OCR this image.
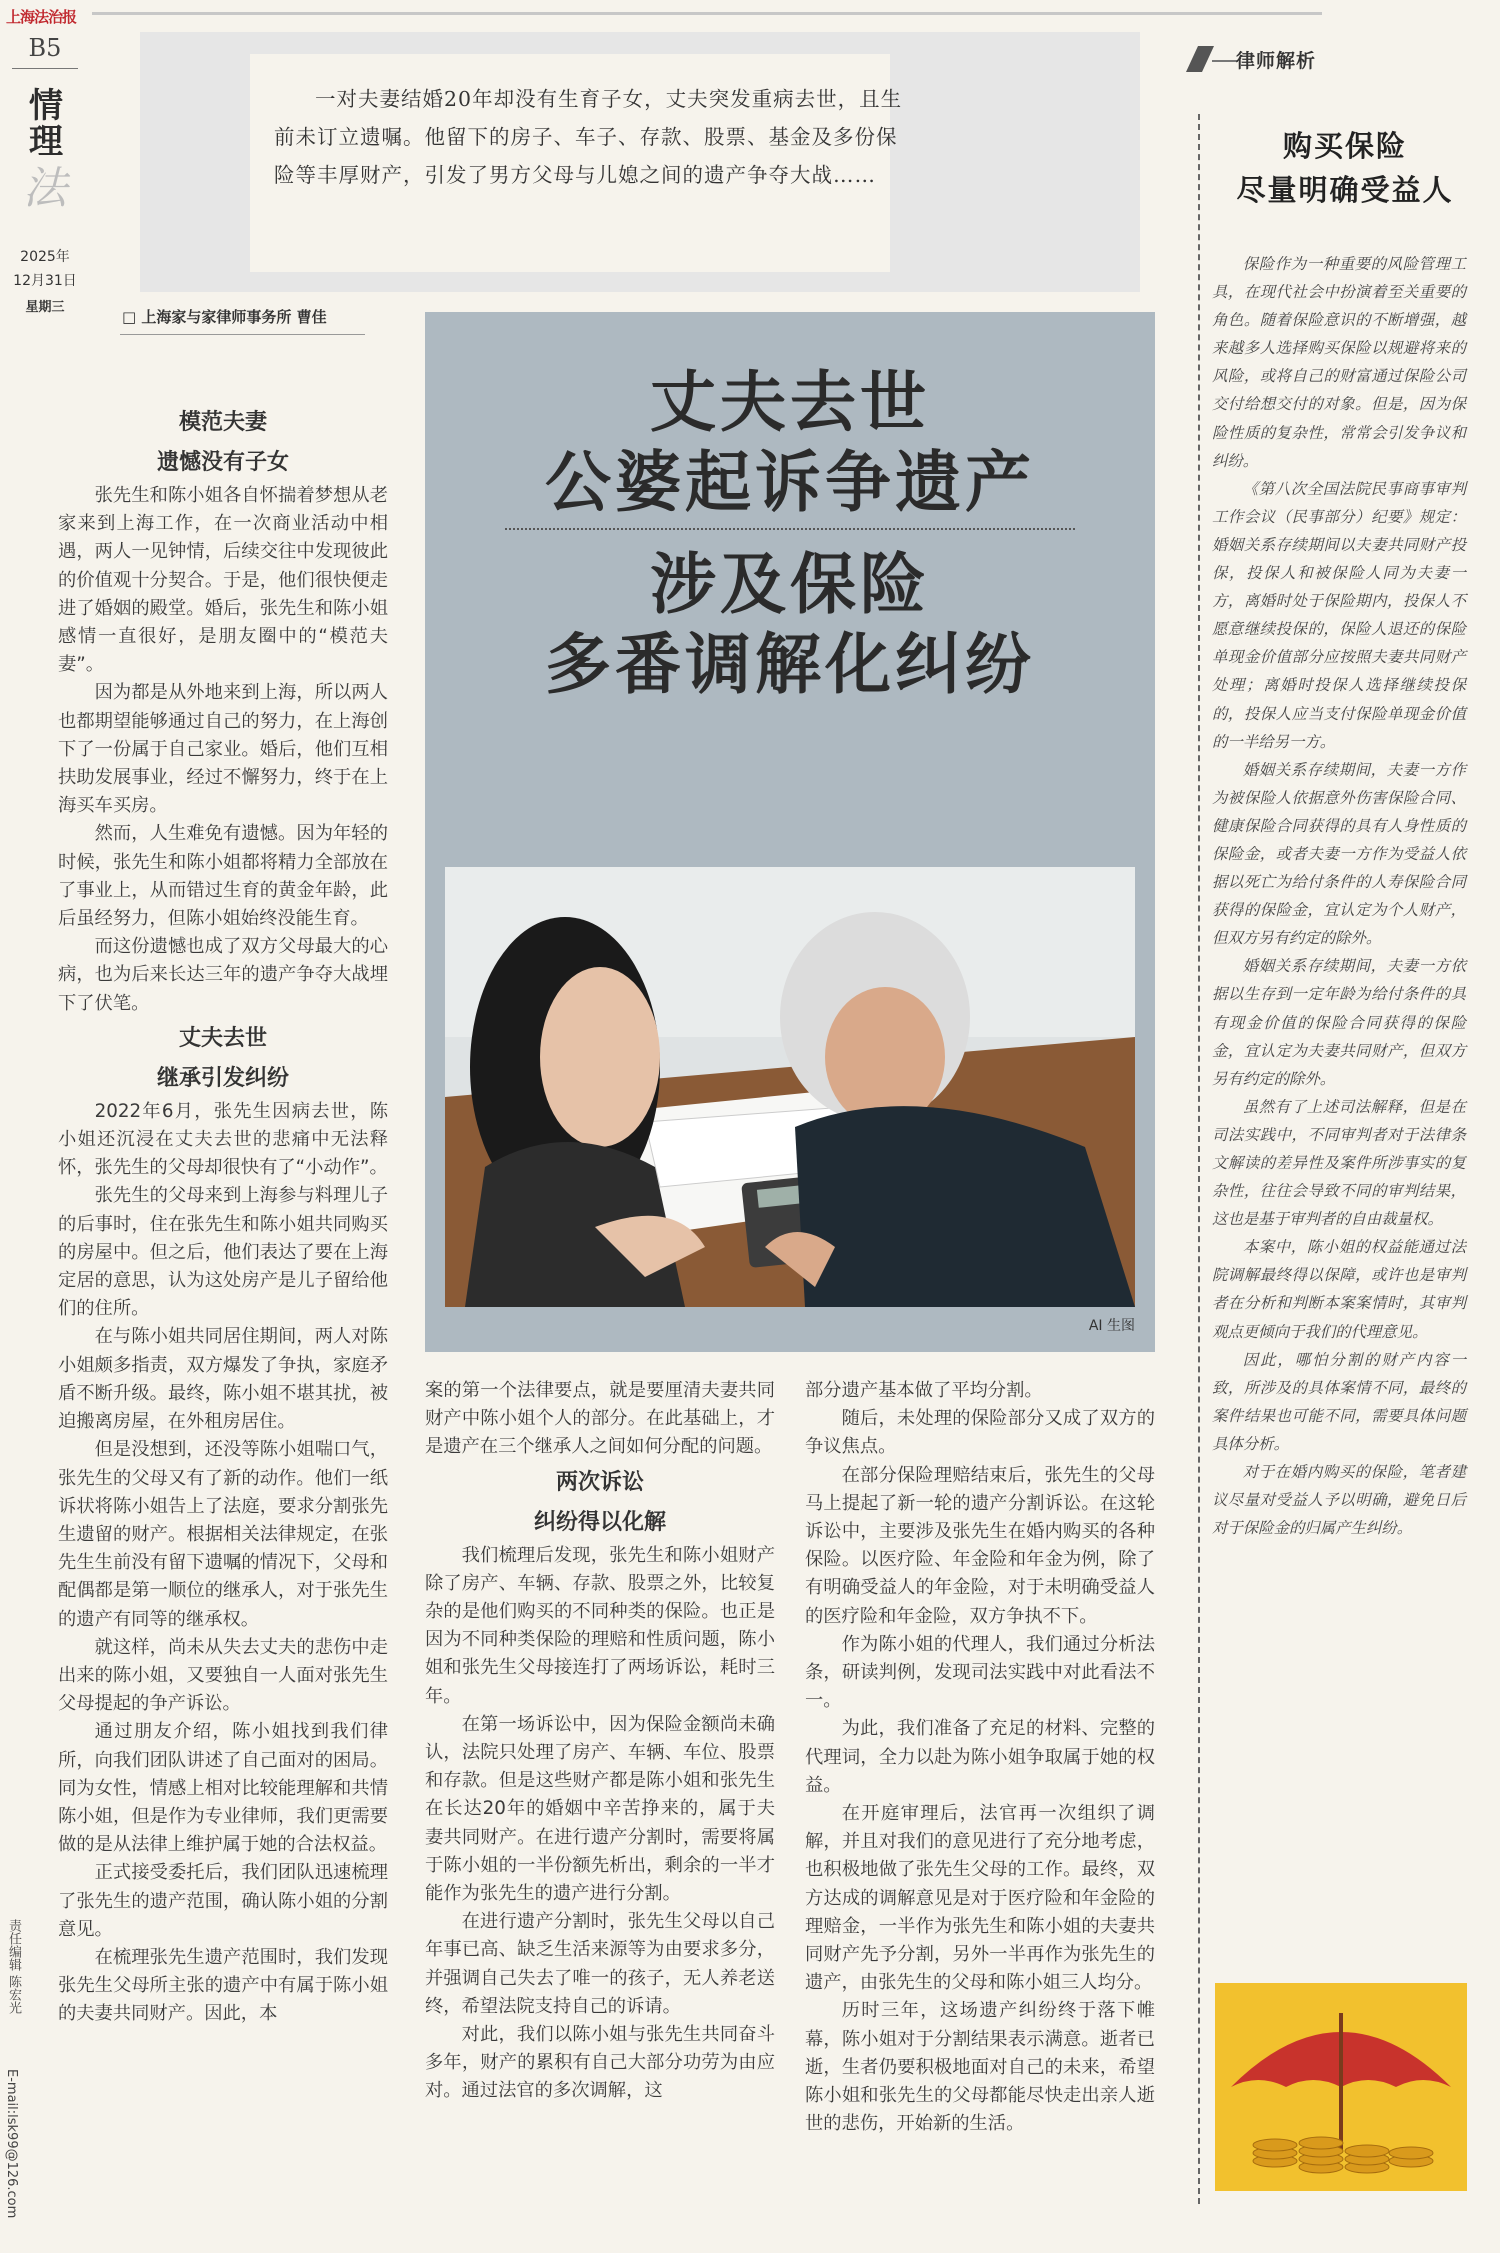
上海法治报
B5
情
理
法
2025年
12月31日
星期三
责任编辑 陈宏光
E-mail:lsk99@126.com
一对夫妻结婚20年却没有生育子女，丈夫突发重病去世，且生前未订立遗嘱。他留下的房子、车子、存款、股票、基金及多份保险等丰厚财产，引发了男方父母与儿媳之间的遗产争夺大战……
□ 上海家与家律师事务所 曹佳
丈夫去世
公婆起诉争遗产
涉及保险
多番调解化纠纷
AI 生图
模范夫妻
遗憾没有子女

张先生和陈小姐各自怀揣着梦想从老家来到上海工作，在一次商业活动中相遇，两人一见钟情，后续交往中发现彼此的价值观十分契合。于是，他们很快便走进了婚姻的殿堂。婚后，张先生和陈小姐感情一直很好，是朋友圈中的“模范夫妻”。

因为都是从外地来到上海，所以两人也都期望能够通过自己的努力，在上海创下了一份属于自己家业。婚后，他们互相扶助发展事业，经过不懈努力，终于在上海买车买房。

然而，人生难免有遗憾。因为年轻的时候，张先生和陈小姐都将精力全部放在了事业上，从而错过生育的黄金年龄，此后虽经努力，但陈小姐始终没能生育。

而这份遗憾也成了双方父母最大的心病，也为后来长达三年的遗产争夺大战埋下了伏笔。

丈夫去世
继承引发纠纷

2022年6月，张先生因病去世，陈小姐还沉浸在丈夫去世的悲痛中无法释怀，张先生的父母却很快有了“小动作”。

张先生的父母来到上海参与料理儿子的后事时，住在张先生和陈小姐共同购买的房屋中。但之后，他们表达了要在上海定居的意思，认为这处房产是儿子留给他们的住所。

在与陈小姐共同居住期间，两人对陈小姐颇多指责，双方爆发了争执，家庭矛盾不断升级。最终，陈小姐不堪其扰，被迫搬离房屋，在外租房居住。

但是没想到，还没等陈小姐喘口气，张先生的父母又有了新的动作。他们一纸诉状将陈小姐告上了法庭，要求分割张先生遗留的财产。根据相关法律规定，在张先生生前没有留下遗嘱的情况下，父母和配偶都是第一顺位的继承人，对于张先生的遗产有同等的继承权。

就这样，尚未从失去丈夫的悲伤中走出来的陈小姐，又要独自一人面对张先生父母提起的争产诉讼。

通过朋友介绍，陈小姐找到我们律所，向我们团队讲述了自己面对的困局。同为女性，情感上相对比较能理解和共情陈小姐，但是作为专业律师，我们更需要做的是从法律上维护属于她的合法权益。

正式接受委托后，我们团队迅速梳理了张先生的遗产范围，确认陈小姐的分割意见。

在梳理张先生遗产范围时，我们发现张先生父母所主张的遗产中有属于陈小姐的夫妻共同财产。因此，本

案的第一个法律要点，就是要厘清夫妻共同财产中陈小姐个人的部分。在此基础上，才是遗产在三个继承人之间如何分配的问题。

两次诉讼
纠纷得以化解

我们梳理后发现，张先生和陈小姐财产除了房产、车辆、存款、股票之外，比较复杂的是他们购买的不同种类的保险。也正是因为不同种类保险的理赔和性质问题，陈小姐和张先生父母接连打了两场诉讼，耗时三年。

在第一场诉讼中，因为保险金额尚未确认，法院只处理了房产、车辆、车位、股票和存款。但是这些财产都是陈小姐和张先生在长达20年的婚姻中辛苦挣来的，属于夫妻共同财产。在进行遗产分割时，需要将属于陈小姐的一半份额先析出，剩余的一半才能作为张先生的遗产进行分割。

在进行遗产分割时，张先生父母以自己年事已高、缺乏生活来源等为由要求多分，并强调自己失去了唯一的孩子，无人养老送终，希望法院支持自己的诉请。

对此，我们以陈小姐与张先生共同奋斗多年，财产的累积有自己大部分功劳为由应对。通过法官的多次调解，这

部分遗产基本做了平均分割。

随后，未处理的保险部分又成了双方的争议焦点。

在部分保险理赔结束后，张先生的父母马上提起了新一轮的遗产分割诉讼。在这轮诉讼中，主要涉及张先生在婚内购买的各种保险。以医疗险、年金险和年金为例，除了有明确受益人的年金险，对于未明确受益人的医疗险和年金险，双方争执不下。

作为陈小姐的代理人，我们通过分析法条，研读判例，发现司法实践中对此看法不一。

为此，我们准备了充足的材料、完整的代理词，全力以赴为陈小姐争取属于她的权益。

在开庭审理后，法官再一次组织了调解，并且对我们的意见进行了充分地考虑，也积极地做了张先生父母的工作。最终，双方达成的调解意见是对于医疗险和年金险的理赔金，一半作为张先生和陈小姐的夫妻共同财产先予分割，另外一半再作为张先生的遗产，由张先生的父母和陈小姐三人均分。

历时三年，这场遗产纠纷终于落下帷幕，陈小姐对于分割结果表示满意。逝者已逝，生者仍要积极地面对自己的未来，希望陈小姐和张先生的父母都能尽快走出亲人逝世的悲伤，开始新的生活。

律师解析
购买保险
尽量明确受益人

保险作为一种重要的风险管理工具，在现代社会中扮演着至关重要的角色。随着保险意识的不断增强，越来越多人选择购买保险以规避将来的风险，或将自己的财富通过保险公司交付给想交付的对象。但是，因为保险性质的复杂性，常常会引发争议和纠纷。

《第八次全国法院民事商事审判工作会议（民事部分）纪要》规定：婚姻关系存续期间以夫妻共同财产投保，投保人和被保险人同为夫妻一方，离婚时处于保险期内，投保人不愿意继续投保的，保险人退还的保险单现金价值部分应按照夫妻共同财产处理；离婚时投保人选择继续投保的，投保人应当支付保险单现金价值的一半给另一方。

婚姻关系存续期间，夫妻一方作为被保险人依据意外伤害保险合同、健康保险合同获得的具有人身性质的保险金，或者夫妻一方作为受益人依据以死亡为给付条件的人寿保险合同获得的保险金，宜认定为个人财产，但双方另有约定的除外。

婚姻关系存续期间，夫妻一方依据以生存到一定年龄为给付条件的具有现金价值的保险合同获得的保险金，宜认定为夫妻共同财产，但双方另有约定的除外。

虽然有了上述司法解释，但是在司法实践中，不同审判者对于法律条文解读的差异性及案件所涉事实的复杂性，往往会导致不同的审判结果，这也是基于审判者的自由裁量权。

本案中，陈小姐的权益能通过法院调解最终得以保障，或许也是审判者在分析和判断本案案情时，其审判观点更倾向于我们的代理意见。

因此，哪怕分割的财产内容一致，所涉及的具体案情不同，最终的案件结果也可能不同，需要具体问题具体分析。

对于在婚内购买的保险，笔者建议尽量对受益人予以明确，避免日后对于保险金的归属产生纠纷。
